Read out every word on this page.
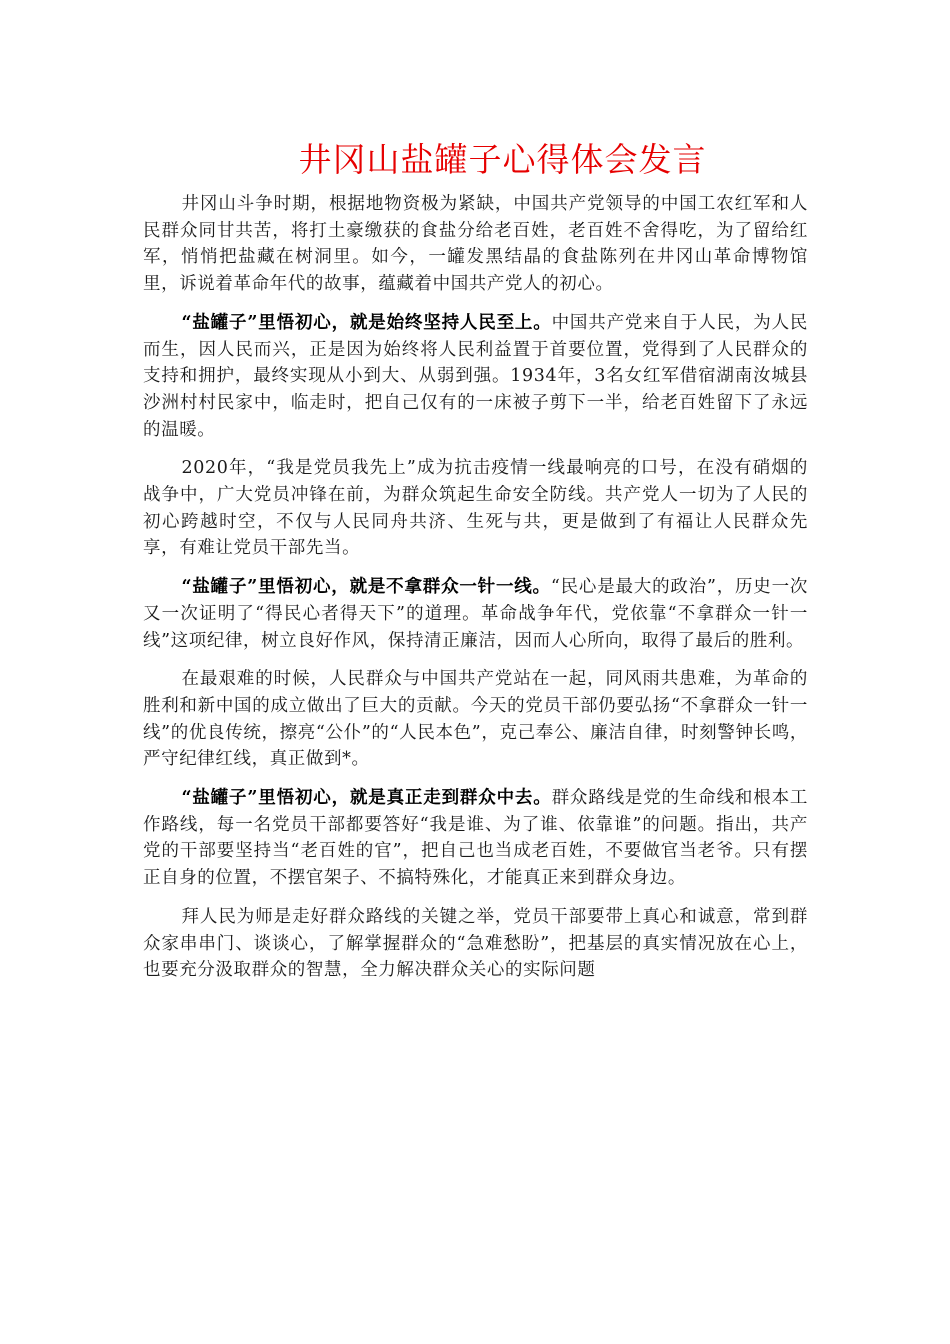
井冈山盐罐子心得体会发言

井冈山斗争时期，根据地物资极为紧缺，中国共产党领导的中国工农红军和人民群众同甘共苦，将打土豪缴获的食盐分给老百姓，老百姓不舍得吃，为了留给红军，悄悄把盐藏在树洞里。如今，一罐发黑结晶的食盐陈列在井冈山革命博物馆里，诉说着革命年代的故事，蕴藏着中国共产党人的初心。

“盐罐子”里悟初心，就是始终坚持人民至上。中国共产党来自于人民，为人民而生，因人民而兴，正是因为始终将人民利益置于首要位置，党得到了人民群众的支持和拥护，最终实现从小到大、从弱到强。1934年，3名女红军借宿湖南汝城县沙洲村村民家中，临走时，把自己仅有的一床被子剪下一半，给老百姓留下了永远的温暖。

2020年，“我是党员我先上”成为抗击疫情一线最响亮的口号，在没有硝烟的战争中，广大党员冲锋在前，为群众筑起生命安全防线。共产党人一切为了人民的初心跨越时空，不仅与人民同舟共济、生死与共，更是做到了有福让人民群众先享，有难让党员干部先当。

“盐罐子”里悟初心，就是不拿群众一针一线。“民心是最大的政治”，历史一次又一次证明了“得民心者得天下”的道理。革命战争年代，党依靠“不拿群众一针一线”这项纪律，树立良好作风，保持清正廉洁，因而人心所向，取得了最后的胜利。

在最艰难的时候，人民群众与中国共产党站在一起，同风雨共患难，为革命的胜利和新中国的成立做出了巨大的贡献。今天的党员干部仍要弘扬“不拿群众一针一线”的优良传统，擦亮“公仆”的“人民本色”，克己奉公、廉洁自律，时刻警钟长鸣，严守纪律红线，真正做到*。

“盐罐子”里悟初心，就是真正走到群众中去。群众路线是党的生命线和根本工作路线，每一名党员干部都要答好“我是谁、为了谁、依靠谁”的问题。指出，共产党的干部要坚持当“老百姓的官”，把自己也当成老百姓，不要做官当老爷。只有摆正自身的位置，不摆官架子、不搞特殊化，才能真正来到群众身边。

拜人民为师是走好群众路线的关键之举，党员干部要带上真心和诚意，常到群众家串串门、谈谈心，了解掌握群众的“急难愁盼”，把基层的真实情况放在心上，也要充分汲取群众的智慧，全力解决群众关心的实际问题
